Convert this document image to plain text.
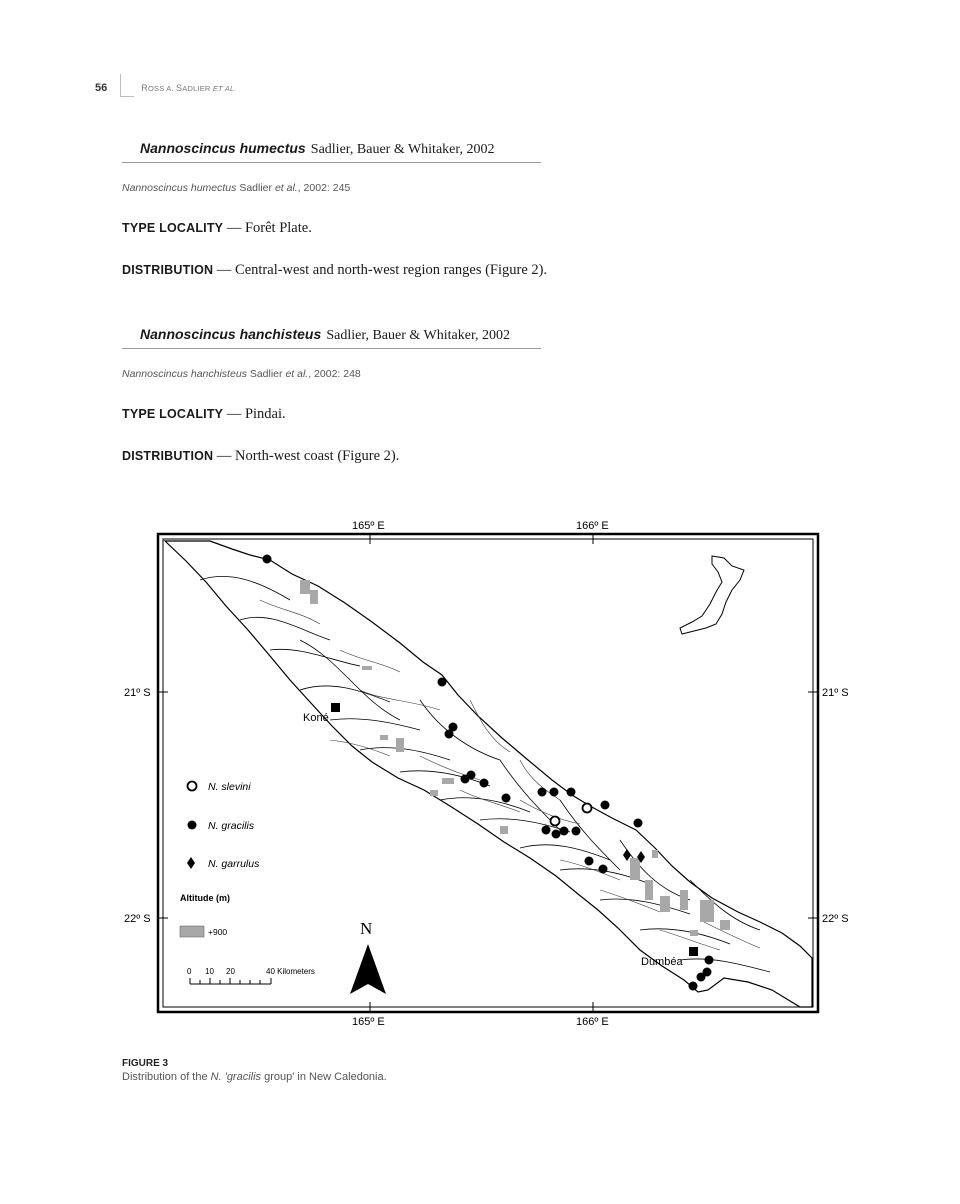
56	ROSS A. SADLIER ET AL.
Nannoscincus humectus Sadlier, Bauer & Whitaker, 2002
Nannoscincus humectus Sadlier et al., 2002: 245
TYPE LOCALITY — Forêt Plate.
DISTRIBUTION — Central-west and north-west region ranges (Figure 2).
Nannoscincus hanchisteus Sadlier, Bauer & Whitaker, 2002
Nannoscincus hanchisteus Sadlier et al., 2002: 248
TYPE LOCALITY — Pindai.
DISTRIBUTION — North-west coast (Figure 2).
165º E	166º E
165º E	166º E
21º S
22º S
21º S
22º S
Koné
Dumbéa
N. slevini
N. gracilis
N. garrulus
Altitude (m)
+900
0 10 20	40 Kilometers
N
FIGURE 3
Distribution of the N. 'gracilis group' in New Caledonia.
